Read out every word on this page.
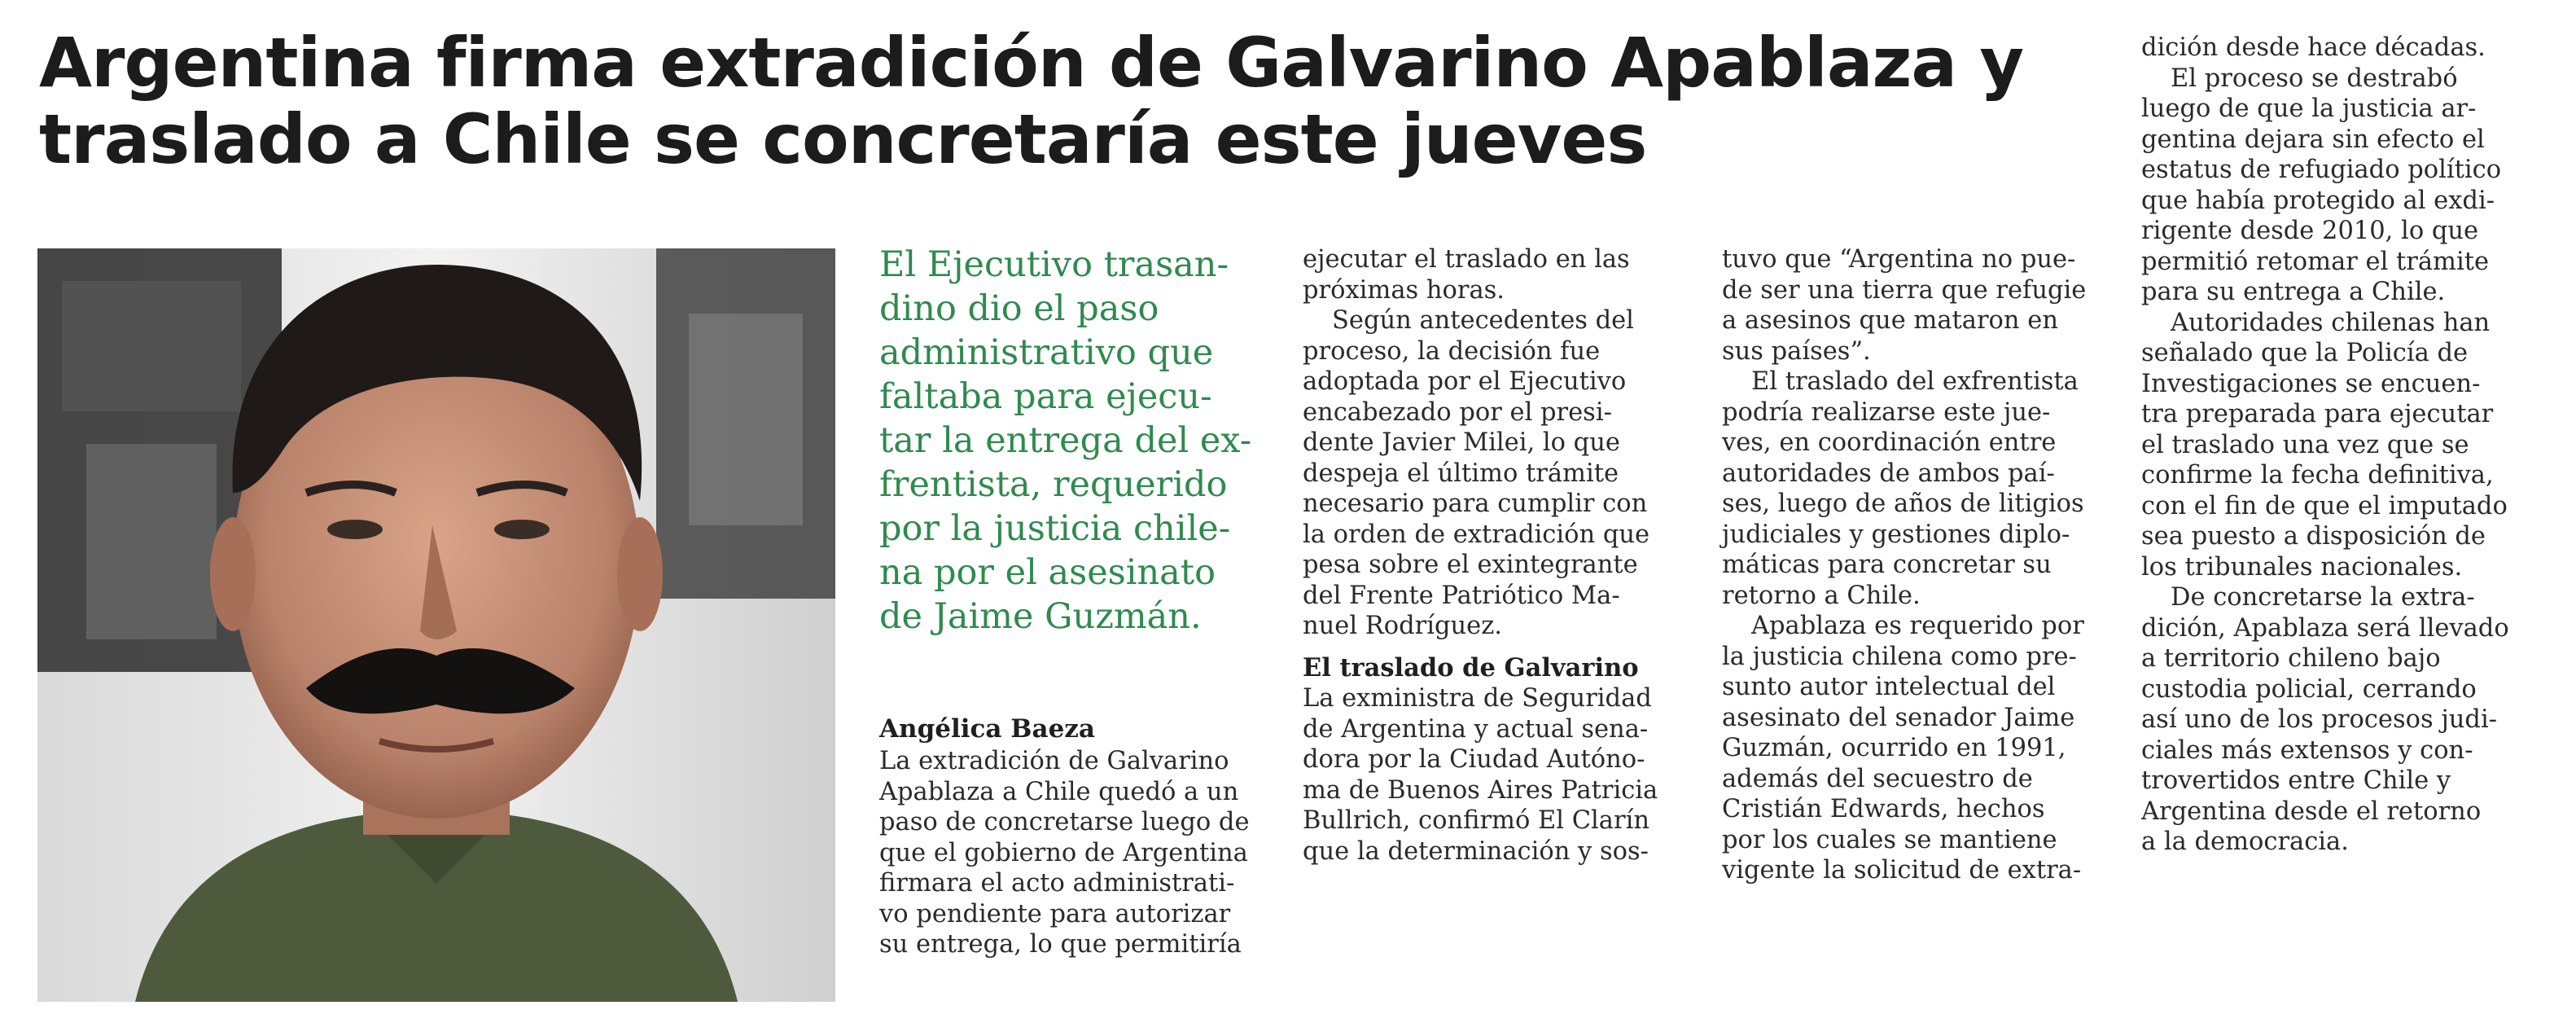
Argentina firma extradición de Galvarino Apablaza y
traslado a Chile se concretaría este jueves
El Ejecutivo trasan-
dino dio el paso
administrativo que
faltaba para ejecu-
tar la entrega del ex-
frentista, requerido
por la justicia chile-
na por el asesinato
de Jaime Guzmán.
Angélica Baeza
La extradición de Galvarino
Apablaza a Chile quedó a un
paso de concretarse luego de
que el gobierno de Argentina
firmara el acto administrati-
vo pendiente para autorizar
su entrega, lo que permitiría
ejecutar el traslado en las
próximas horas.
Según antecedentes del
proceso, la decisión fue
adoptada por el Ejecutivo
encabezado por el presi-
dente Javier Milei, lo que
despeja el último trámite
necesario para cumplir con
la orden de extradición que
pesa sobre el exintegrante
del Frente Patriótico Ma-
nuel Rodríguez.
El traslado de Galvarino
La exministra de Seguridad
de Argentina y actual sena-
dora por la Ciudad Autóno-
ma de Buenos Aires Patricia
Bullrich, confirmó El Clarín
que la determinación y sos-
tuvo que “Argentina no pue-
de ser una tierra que refugie
a asesinos que mataron en
sus países”.
El traslado del exfrentista
podría realizarse este jue-
ves, en coordinación entre
autoridades de ambos paí-
ses, luego de años de litigios
judiciales y gestiones diplo-
máticas para concretar su
retorno a Chile.
Apablaza es requerido por
la justicia chilena como pre-
sunto autor intelectual del
asesinato del senador Jaime
Guzmán, ocurrido en 1991,
además del secuestro de
Cristián Edwards, hechos
por los cuales se mantiene
vigente la solicitud de extra-
dición desde hace décadas.
El proceso se destrabó
luego de que la justicia ar-
gentina dejara sin efecto el
estatus de refugiado político
que había protegido al exdi-
rigente desde 2010, lo que
permitió retomar el trámite
para su entrega a Chile.
Autoridades chilenas han
señalado que la Policía de
Investigaciones se encuen-
tra preparada para ejecutar
el traslado una vez que se
confirme la fecha definitiva,
con el fin de que el imputado
sea puesto a disposición de
los tribunales nacionales.
De concretarse la extra-
dición, Apablaza será llevado
a territorio chileno bajo
custodia policial, cerrando
así uno de los procesos judi-
ciales más extensos y con-
trovertidos entre Chile y
Argentina desde el retorno
a la democracia.
